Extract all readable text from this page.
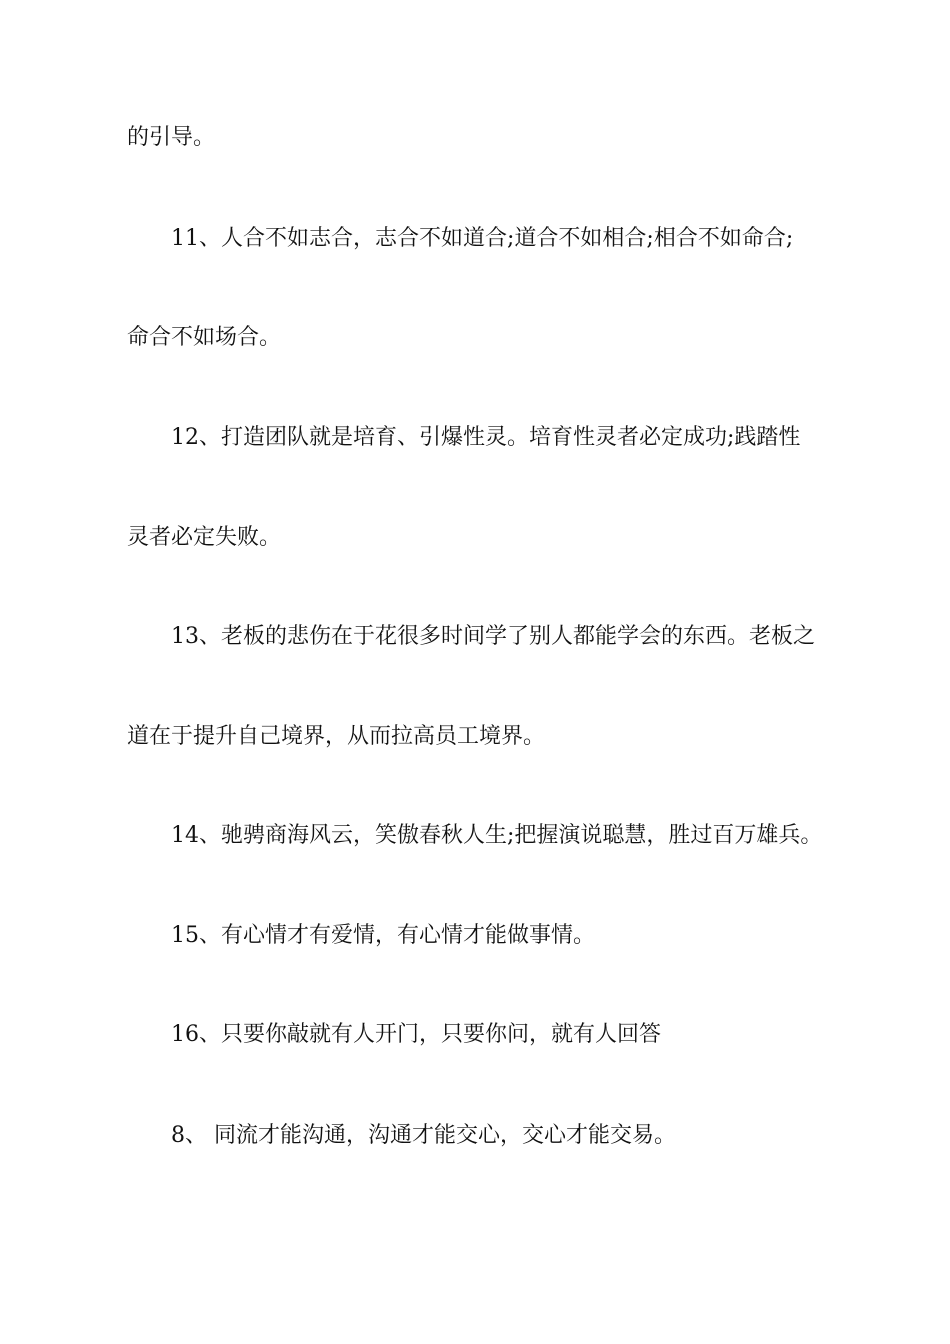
的引导。
11、人合不如志合，志合不如道合;道合不如相合;相合不如命合;
命合不如场合。
12、打造团队就是培育、引爆性灵。培育性灵者必定成功;践踏性
灵者必定失败。
13、老板的悲伤在于花很多时间学了别人都能学会的东西。老板之
道在于提升自己境界，从而拉高员工境界。
14、驰骋商海风云，笑傲春秋人生;把握演说聪慧，胜过百万雄兵。
15、有心情才有爱情，有心情才能做事情。
16、只要你敲就有人开门，只要你问，就有人回答
8、 同流才能沟通，沟通才能交心，交心才能交易。
